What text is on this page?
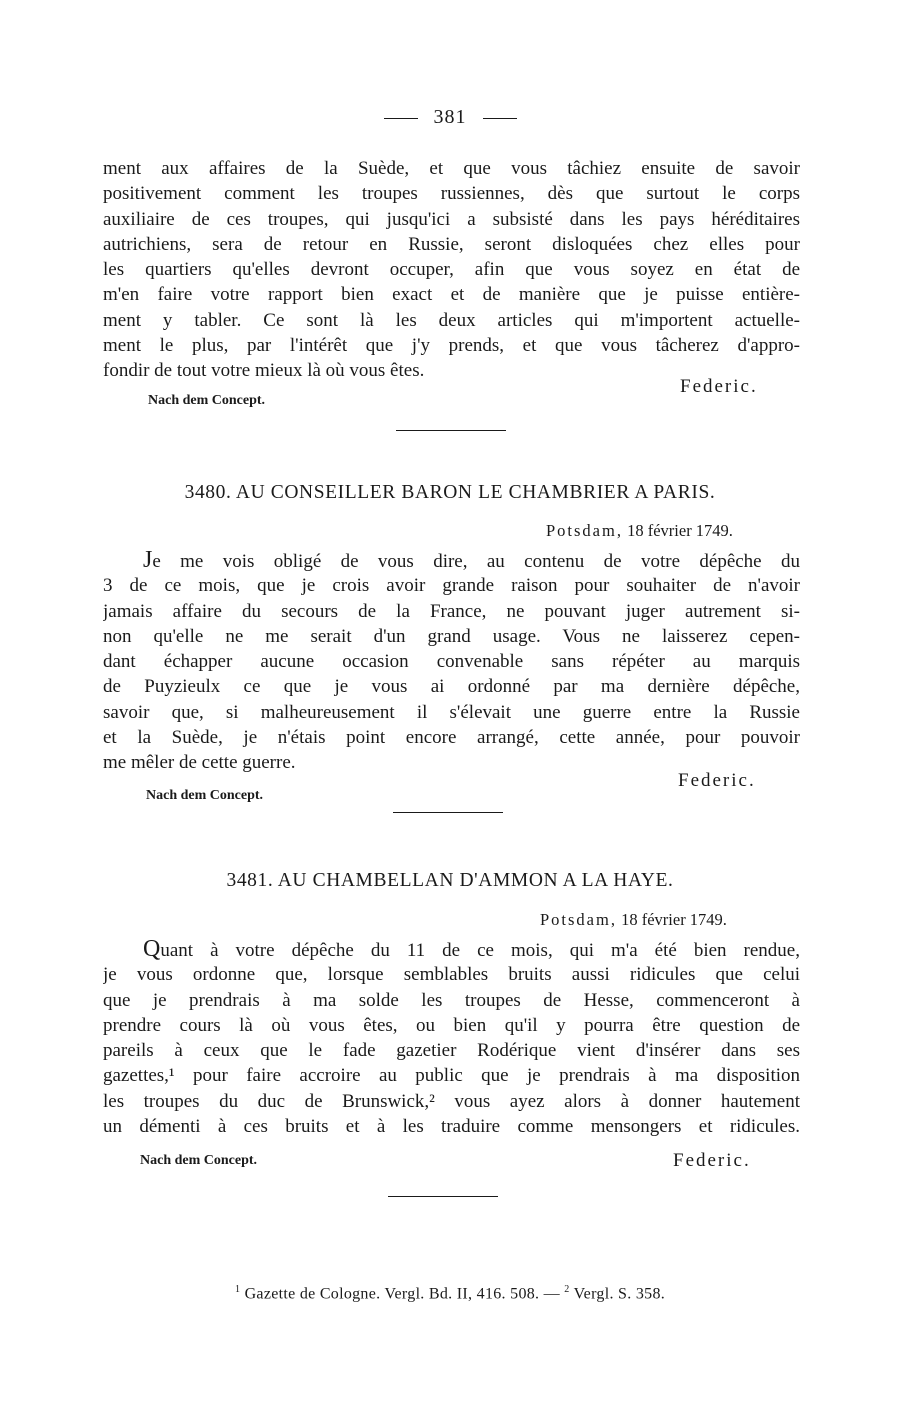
381
ment aux affaires de la Suède, et que vous tâchiez ensuite de savoir
positivement comment les troupes russiennes, dès que surtout le corps
auxiliaire de ces troupes, qui jusqu'ici a subsisté dans les pays héréditaires
autrichiens, sera de retour en Russie, seront disloquées chez elles pour
les quartiers qu'elles devront occuper, afin que vous soyez en état de
m'en faire votre rapport bien exact et de manière que je puisse entière-
ment y tabler. Ce sont là les deux articles qui m'importent actuelle-
ment le plus, par l'intérêt que j'y prends, et que vous tâcherez d'appro-
fondir de tout votre mieux là où vous êtes.
Federic.
Nach dem Concept.
3480. AU CONSEILLER BARON LE CHAMBRIER A PARIS.
Potsdam, 18 février 1749.
Je me vois obligé de vous dire, au contenu de votre dépêche du
3 de ce mois, que je crois avoir grande raison pour souhaiter de n'avoir
jamais affaire du secours de la France, ne pouvant juger autrement si-
non qu'elle ne me serait d'un grand usage. Vous ne laisserez cepen-
dant échapper aucune occasion convenable sans répéter au marquis
de Puyzieulx ce que je vous ai ordonné par ma dernière dépêche,
savoir que, si malheureusement il s'élevait une guerre entre la Russie
et la Suède, je n'étais point encore arrangé, cette année, pour pouvoir
me mêler de cette guerre.
Federic.
Nach dem Concept.
3481. AU CHAMBELLAN D'AMMON A LA HAYE.
Potsdam, 18 février 1749.
Quant à votre dépêche du 11 de ce mois, qui m'a été bien rendue,
je vous ordonne que, lorsque semblables bruits aussi ridicules que celui
que je prendrais à ma solde les troupes de Hesse, commenceront à
prendre cours là où vous êtes, ou bien qu'il y pourra être question de
pareils à ceux que le fade gazetier Rodérique vient d'insérer dans ses
gazettes,¹ pour faire accroire au public que je prendrais à ma disposition
les troupes du duc de Brunswick,² vous ayez alors à donner hautement
un démenti à ces bruits et à les traduire comme mensongers et ridicules.
Nach dem Concept.	Federic.
$^1$ Gazette de Cologne. Vergl. Bd. II, 416. 508. — $^2$ Vergl. S. 358.
